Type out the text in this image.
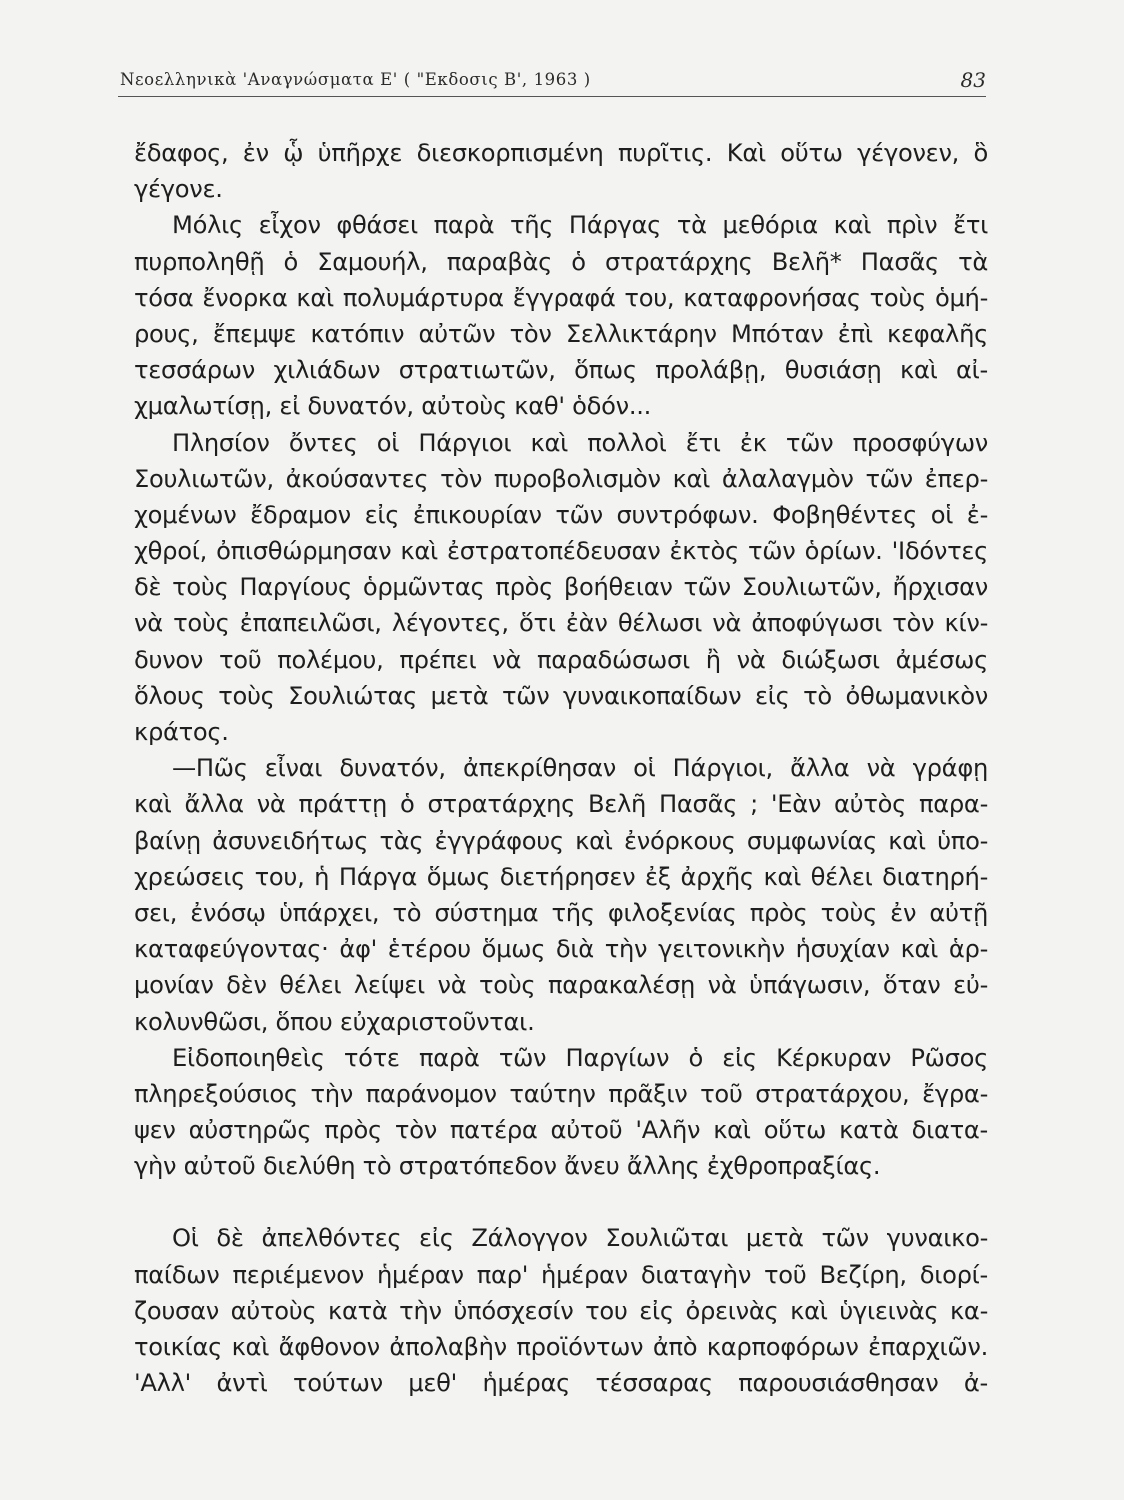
Νεοελληνικὰ 'Αναγνώσματα Ε' ( "Εκδοσις Β', 1963 )	83
ἔδαφος, ἐν ᾧ ὑπῆρχε διεσκορπισμένη πυρῖτις. Καὶ οὕτω γέγονεν, ὃ
γέγονε.
Μόλις εἶχον φθάσει παρὰ τῆς Πάργας τὰ μεθόρια καὶ πρὶν ἔτι
πυρποληθῇ ὁ Σαμουήλ, παραβὰς ὁ στρατάρχης Βελῆ* Πασᾶς τὰ
τόσα ἔνορκα καὶ πολυμάρτυρα ἔγγραφά του, καταφρονήσας τοὺς ὁμή-
ρους, ἔπεμψε κατόπιν αὐτῶν τὸν Σελλικτάρην Μπόταν ἐπὶ κεφαλῆς
τεσσάρων χιλιάδων στρατιωτῶν, ὅπως προλάβῃ, θυσιάσῃ καὶ αἰ-
χμαλωτίσῃ, εἰ δυνατόν, αὐτοὺς καθ' ὁδόν...
Πλησίον ὄντες οἱ Πάργιοι καὶ πολλοὶ ἔτι ἐκ τῶν προσφύγων
Σουλιωτῶν, ἀκούσαντες τὸν πυροβολισμὸν καὶ ἀλαλαγμὸν τῶν ἐπερ-
χομένων ἔδραμον εἰς ἐπικουρίαν τῶν συντρόφων. Φοβηθέντες οἱ ἐ-
χθροί, ὀπισθώρμησαν καὶ ἐστρατοπέδευσαν ἐκτὸς τῶν ὁρίων. 'Ιδόντες
δὲ τοὺς Παργίους ὁρμῶντας πρὸς βοήθειαν τῶν Σουλιωτῶν, ἤρχισαν
νὰ τοὺς ἐπαπειλῶσι, λέγοντες, ὅτι ἐὰν θέλωσι νὰ ἀποφύγωσι τὸν κίν-
δυνον τοῦ πολέμου, πρέπει νὰ παραδώσωσι ἢ νὰ διώξωσι ἀμέσως
ὅλους τοὺς Σουλιώτας μετὰ τῶν γυναικοπαίδων εἰς τὸ ὀθωμανικὸν
κράτος.
—Πῶς εἶναι δυνατόν, ἀπεκρίθησαν οἱ Πάργιοι, ἄλλα νὰ γράφῃ
καὶ ἄλλα νὰ πράττῃ ὁ στρατάρχης Βελῆ Πασᾶς ; 'Εὰν αὐτὸς παρα-
βαίνῃ ἀσυνειδήτως τὰς ἐγγράφους καὶ ἐνόρκους συμφωνίας καὶ ὑπο-
χρεώσεις του, ἡ Πάργα ὅμως διετήρησεν ἐξ ἀρχῆς καὶ θέλει διατηρή-
σει, ἐνόσῳ ὑπάρχει, τὸ σύστημα τῆς φιλοξενίας πρὸς τοὺς ἐν αὐτῇ
καταφεύγοντας· ἀφ' ἑτέρου ὅμως διὰ τὴν γειτονικὴν ἡσυχίαν καὶ ἁρ-
μονίαν δὲν θέλει λείψει νὰ τοὺς παρακαλέσῃ νὰ ὑπάγωσιν, ὅταν εὐ-
κολυνθῶσι, ὅπου εὐχαριστοῦνται.
Εἰδοποιηθεὶς τότε παρὰ τῶν Παργίων ὁ εἰς Κέρκυραν Ρῶσος
πληρεξούσιος τὴν παράνομον ταύτην πρᾶξιν τοῦ στρατάρχου, ἔγρα-
ψεν αὐστηρῶς πρὸς τὸν πατέρα αὐτοῦ 'Αλῆν καὶ οὕτω κατὰ διατα-
γὴν αὐτοῦ διελύθη τὸ στρατόπεδον ἄνευ ἄλλης ἐχθροπραξίας.
Οἱ δὲ ἀπελθόντες εἰς Ζάλογγον Σουλιῶται μετὰ τῶν γυναικο-
παίδων περιέμενον ἡμέραν παρ' ἡμέραν διαταγὴν τοῦ Βεζίρη, διορί-
ζουσαν αὐτοὺς κατὰ τὴν ὑπόσχεσίν του εἰς ὀρεινὰς καὶ ὑγιεινὰς κα-
τοικίας καὶ ἄφθονον ἀπολαβὴν προϊόντων ἀπὸ καρποφόρων ἐπαρχιῶν.
'Αλλ' ἀντὶ τούτων μεθ' ἡμέρας τέσσαρας παρουσιάσθησαν ἀ-
